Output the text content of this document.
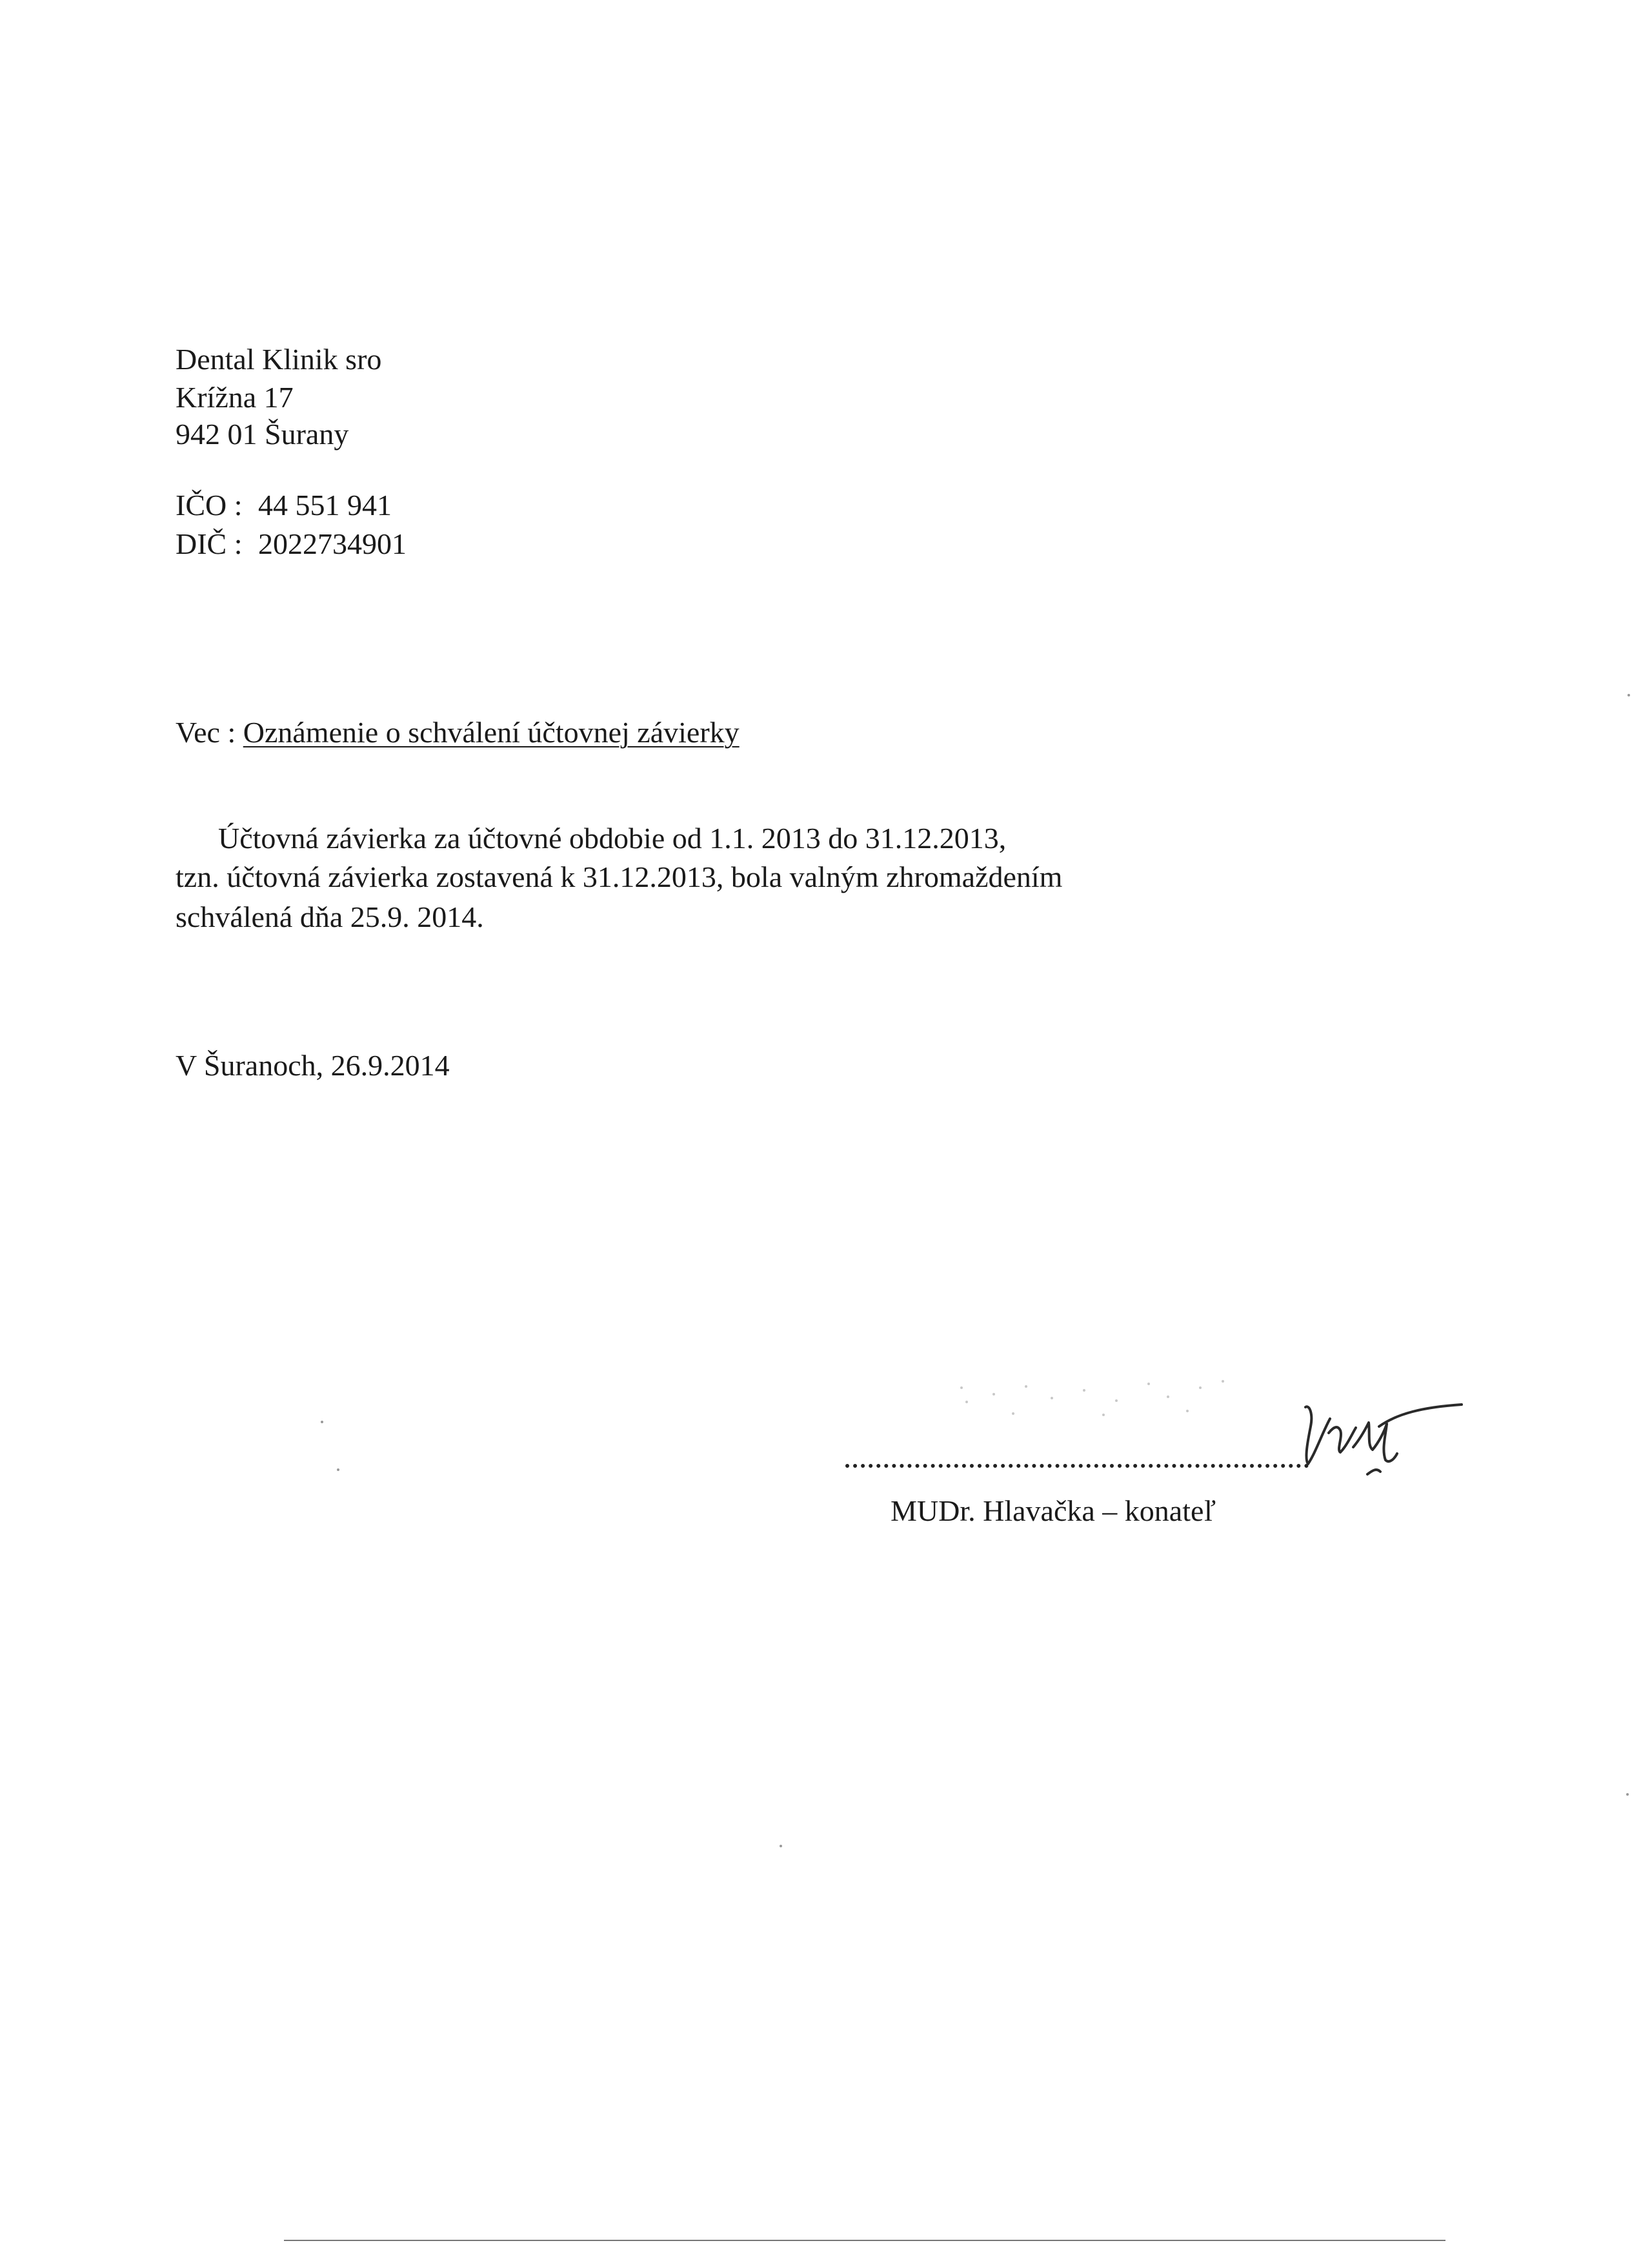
Dental Klinik sro
Krížna 17
942 01 Šurany
IČO : 44 551 941
DIČ : 2022734901
Vec : Oznámenie o schválení účtovnej závierky
Účtovná závierka za účtovné obdobie od 1.1. 2013 do 31.12.2013,
tzn. účtovná závierka zostavená k 31.12.2013, bola valným zhromaždením
schválená dňa 25.9. 2014.
V Šuranoch, 26.9.2014
MUDr. Hlavačka – konateľ
